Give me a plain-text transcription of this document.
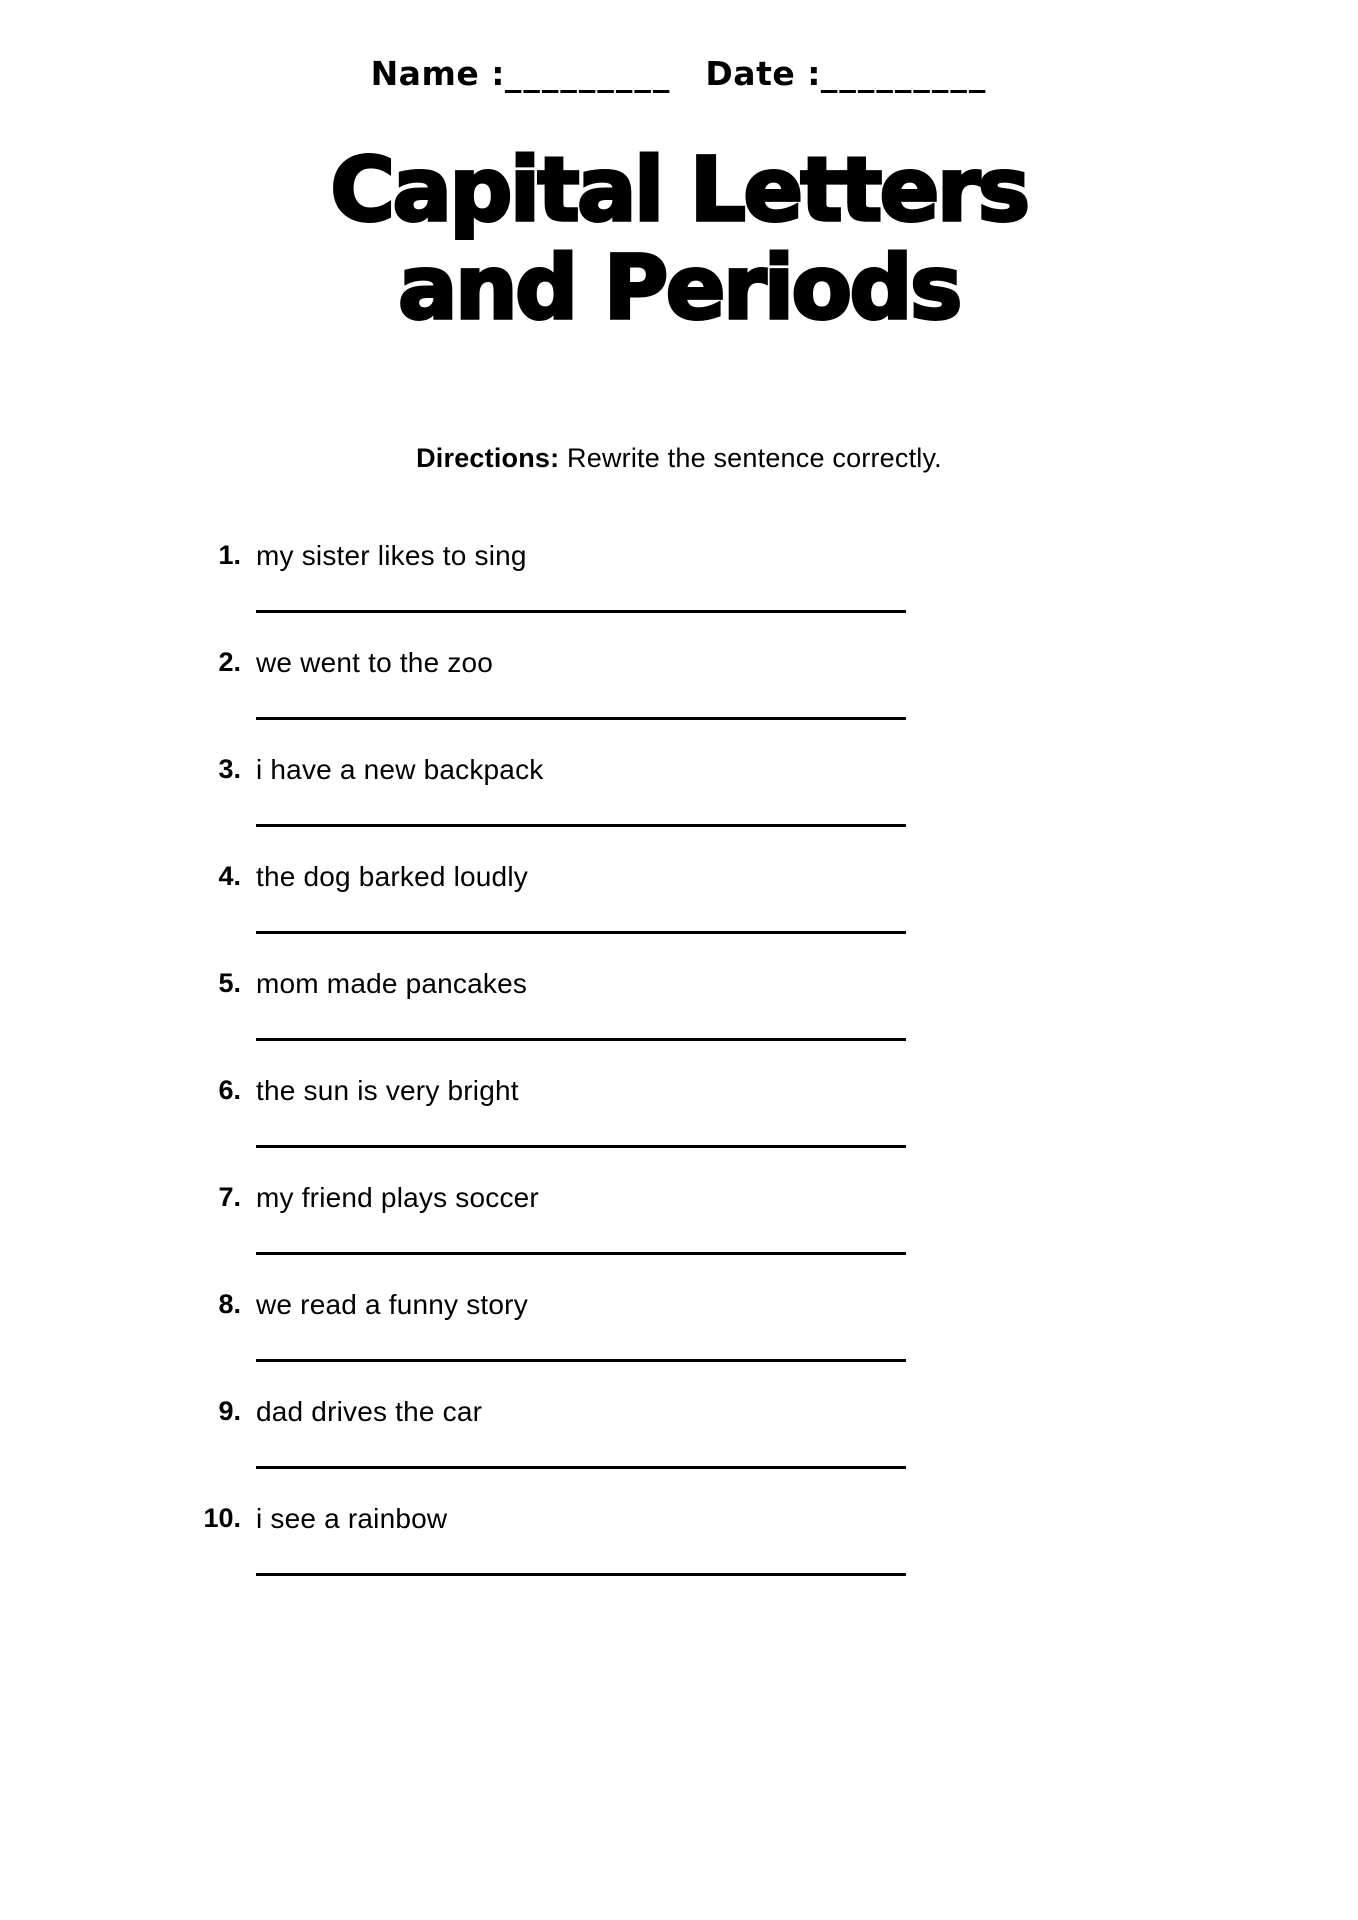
Name :_________ Date :_________
Capital Letters
and Periods
Directions: Rewrite the sentence correctly.
1. my sister likes to sing
2. we went to the zoo
3. i have a new backpack
4. the dog barked loudly
5. mom made pancakes
6. the sun is very bright
7. my friend plays soccer
8. we read a funny story
9. dad drives the car
10. i see a rainbow
